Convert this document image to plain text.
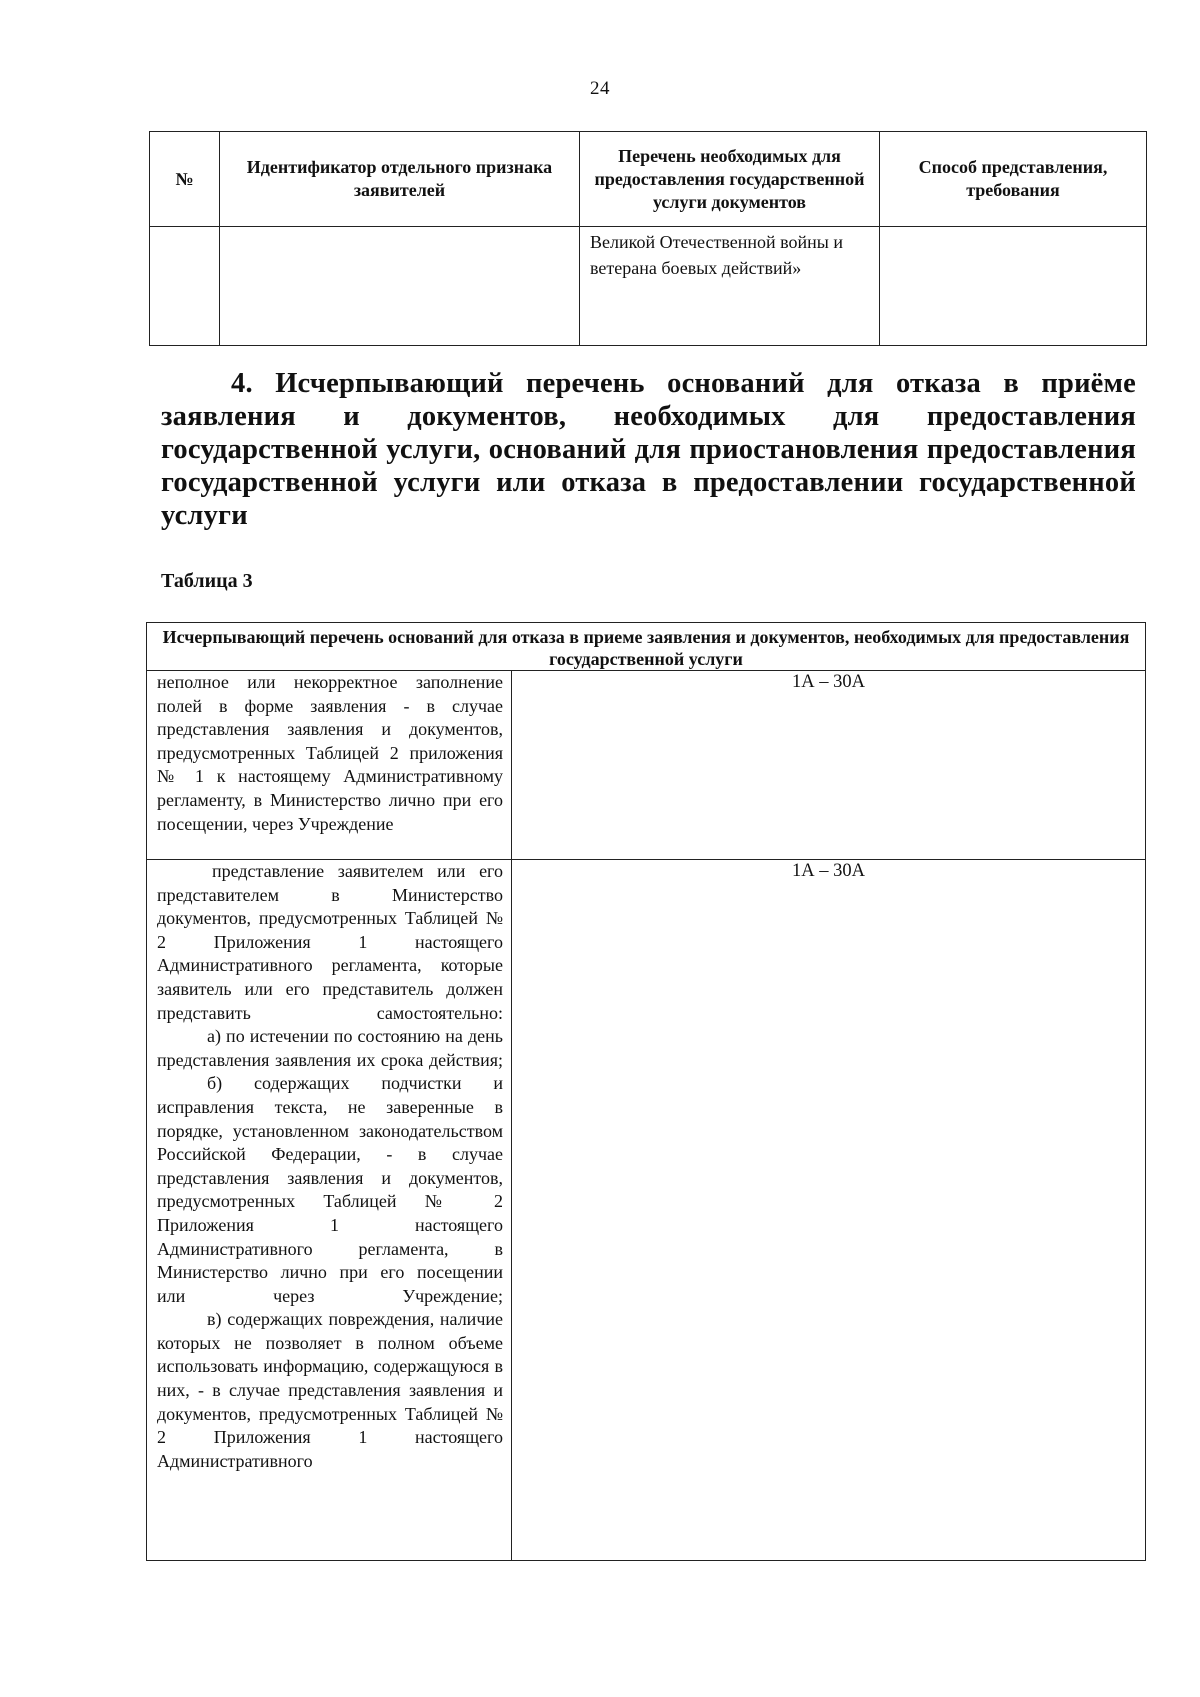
24
№	Идентификатор отдельного признака заявителей	Перечень необходимых для предоставления государственной услуги документов	Способ представления, требования
		Великой Отечественной войны и ветерана боевых действий»	
4. Исчерпывающий перечень оснований для отказа в приёме заявления и документов, необходимых для предоставления государственной услуги, оснований для приостановления предоставления государственной услуги или отказа в предоставлении государственной услуги
Таблица 3
Исчерпывающий перечень оснований для отказа в приеме заявления и документов, необходимых для предоставления государственной услуги	

неполное или некорректное заполнение полей в форме заявления - в случае представления заявления и документов, предусмотренных Таблицей 2 приложения № 1 к настоящему Административному регламенту, в Министерство лично при его посещении, через Учреждение	1А – 30А

представление заявителем или его представителем в Министерство документов, предусмотренных Таблицей № 2 Приложения 1 настоящего Административного регламента, которые заявитель или его представитель должен представить самостоятельно:

а) по истечении по состоянию на день представления заявления их срока действия;

б) содержащих подчистки и исправления текста, не заверенные в порядке, установленном законодательством Российской Федерации, - в случае представления заявления и документов, предусмотренных Таблицей № 2 Приложения 1 настоящего Административного регламента, в Министерство лично при его посещении или через Учреждение;

в) содержащих повреждения, наличие которых не позволяет в полном объеме использовать информацию, содержащуюся в них, - в случае представления заявления и документов, предусмотренных Таблицей № 2 Приложения 1 настоящего Административного	1А – 30А
